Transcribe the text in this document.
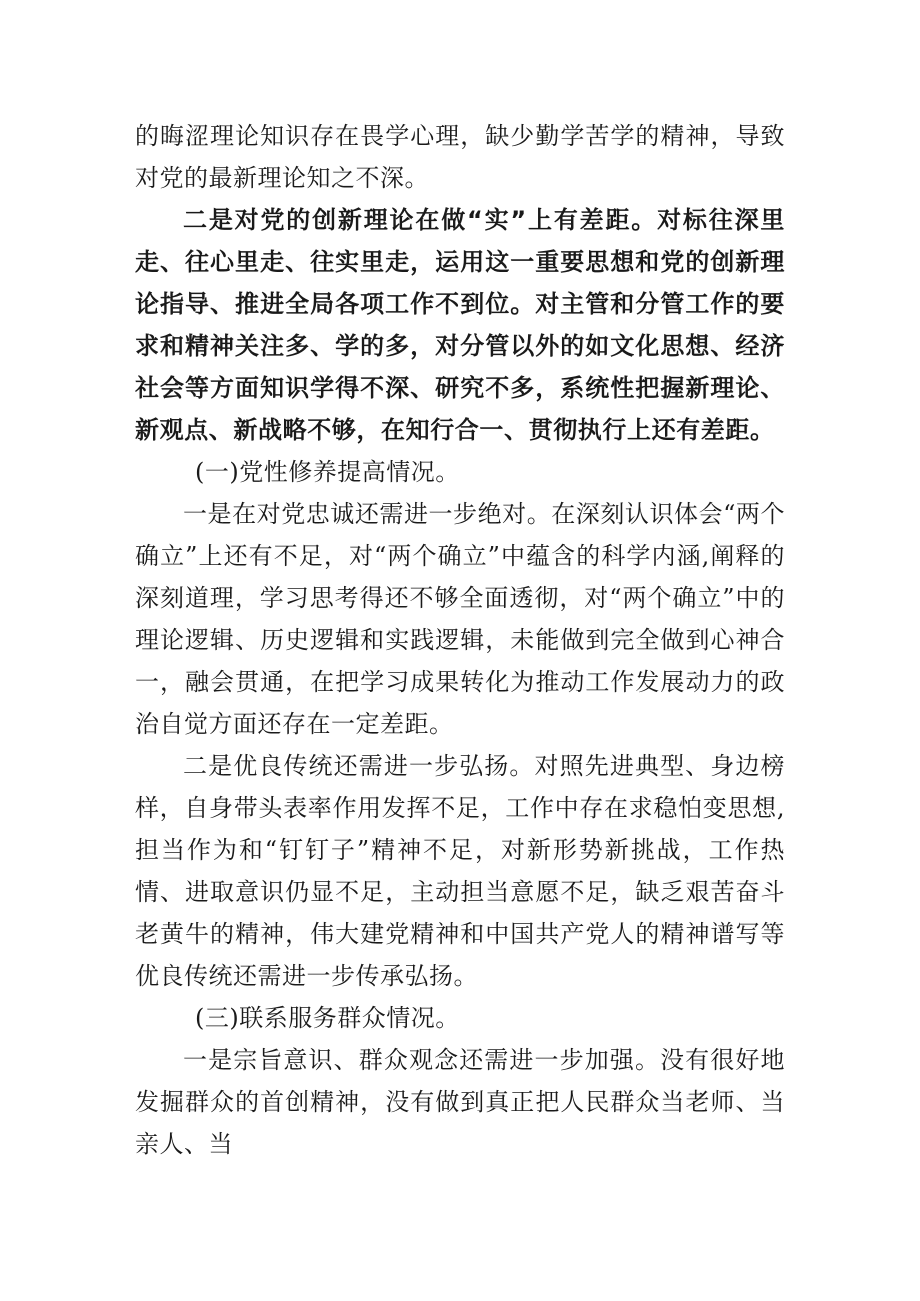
的晦涩理论知识存在畏学心理，缺少勤学苦学的精神，导致对党的最新理论知之不深。

二是对党的创新理论在做“实”上有差距。对标往深里走、往心里走、往实里走，运用这一重要思想和党的创新理论指导、推进全局各项工作不到位。对主管和分管工作的要求和精神关注多、学的多，对分管以外的如文化思想、经济社会等方面知识学得不深、研究不多，系统性把握新理论、新观点、新战略不够，在知行合一、贯彻执行上还有差距。

(一)党性修养提高情况。

一是在对党忠诚还需进一步绝对。在深刻认识体会“两个确立”上还有不足，对“两个确立”中蕴含的科学内涵,阐释的深刻道理，学习思考得还不够全面透彻，对“两个确立”中的理论逻辑、历史逻辑和实践逻辑，未能做到完全做到心神合一，融会贯通，在把学习成果转化为推动工作发展动力的政治自觉方面还存在一定差距。

二是优良传统还需进一步弘扬。对照先进典型、身边榜样，自身带头表率作用发挥不足，工作中存在求稳怕变思想,担当作为和“钉钉子”精神不足，对新形势新挑战，工作热情、进取意识仍显不足，主动担当意愿不足，缺乏艰苦奋斗老黄牛的精神，伟大建党精神和中国共产党人的精神谱写等优良传统还需进一步传承弘扬。

(三)联系服务群众情况。

一是宗旨意识、群众观念还需进一步加强。没有很好地发掘群众的首创精神，没有做到真正把人民群众当老师、当亲人、当
